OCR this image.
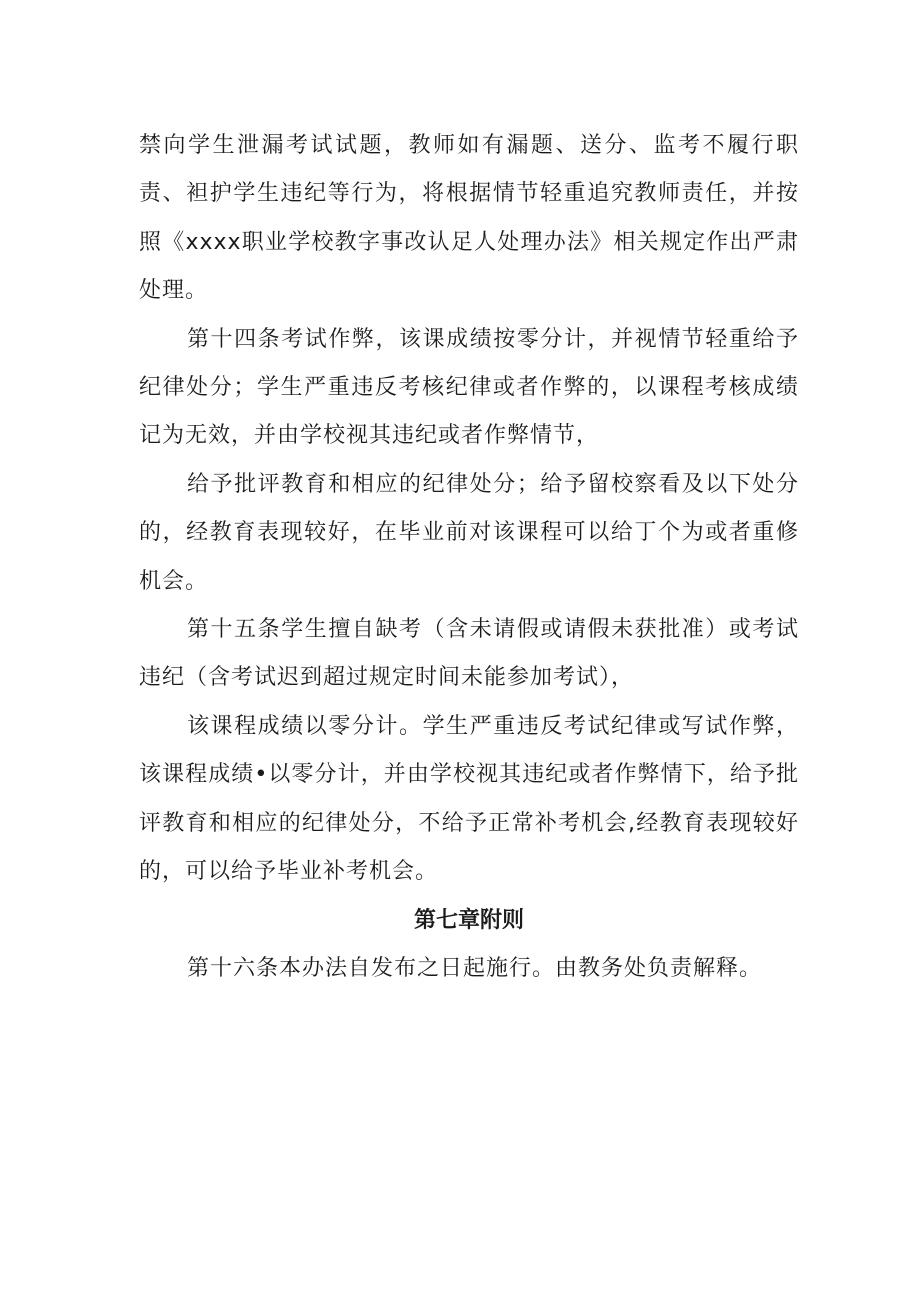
禁向学生泄漏考试试题，教师如有漏题、送分、监考不履行职责、袒护学生违纪等行为，将根据情节轻重追究教师责任，并按照《xxxx职业学校教字事改认足人处理办法》相关规定作出严肃处理。

第十四条考试作弊，该课成绩按零分计，并视情节轻重给予纪律处分；学生严重违反考核纪律或者作弊的，以课程考核成绩记为无效，并由学校视其违纪或者作弊情节，

给予批评教育和相应的纪律处分；给予留校察看及以下处分的，经教育表现较好，在毕业前对该课程可以给丁个为或者重修机会。

第十五条学生擅自缺考（含未请假或请假未获批准）或考试违纪（含考试迟到超过规定时间未能参加考试），

该课程成绩以零分计。学生严重违反考试纪律或写试作弊，该课程成绩•以零分计，并由学校视其违纪或者作弊情下，给予批评教育和相应的纪律处分，不给予正常补考机会,经教育表现较好的，可以给予毕业补考机会。

第七章附则

第十六条本办法自发布之日起施行。由教务处负责解释。
